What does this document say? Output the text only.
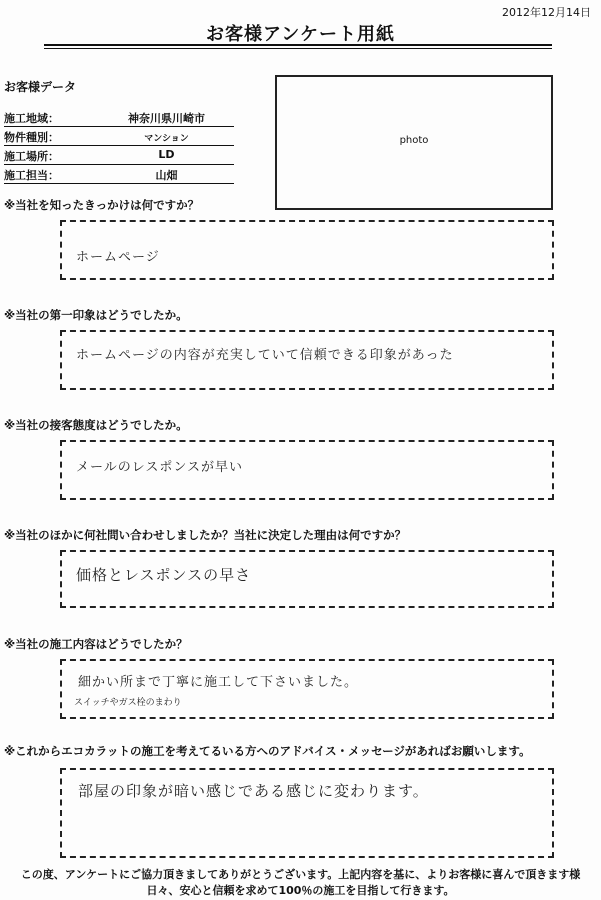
2012年12月14日
お客様アンケート用紙
お客様データ
施工地域：	神奈川県川崎市
物件種別：	マンション
施工場所：	LD
施工担当：	山畑
photo
※当社を知ったきっかけは何ですか？
ホームページ
※当社の第一印象はどうでしたか。
ホームページの内容が充実していて信頼できる印象があった
※当社の接客態度はどうでしたか。
メールのレスポンスが早い
※当社のほかに何社問い合わせしましたか？当社に決定した理由は何ですか？
価格とレスポンスの早さ
※当社の施工内容はどうでしたか？
細かい所まで丁寧に施工して下さいました。
スイッチやガス栓のまわり
※これからエコカラットの施工を考えてるいる方へのアドバイス・メッセージがあればお願いします。
部屋の印象が暗い感じである感じに変わります。
この度、アンケートにご協力頂きましてありがとうございます。上記内容を基に、よりお客様に喜んで頂きます様
日々、安心と信頼を求めて100％の施工を目指して行きます。
